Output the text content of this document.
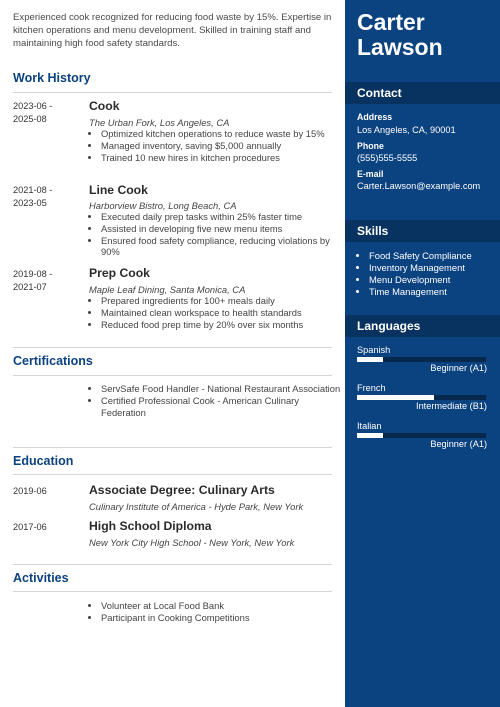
Experienced cook recognized for reducing food waste by 15%. Expertise in kitchen operations and menu development. Skilled in training staff and maintaining high food safety standards.
Work History
2023-06 -
2025-08
Cook
The Urban Fork, Los Angeles, CA
• Optimized kitchen operations to reduce waste by 15%
• Managed inventory, saving $5,000 annually
• Trained 10 new hires in kitchen procedures
2021-08 -
2023-05
Line Cook
Harborview Bistro, Long Beach, CA
• Executed daily prep tasks within 25% faster time
• Assisted in developing five new menu items
• Ensured food safety compliance, reducing violations by 90%
2019-08 -
2021-07
Prep Cook
Maple Leaf Dining, Santa Monica, CA
• Prepared ingredients for 100+ meals daily
• Maintained clean workspace to health standards
• Reduced food prep time by 20% over six months
Certifications
• ServSafe Food Handler - National Restaurant Association
• Certified Professional Cook - American Culinary Federation
Education
2019-06	Associate Degree: Culinary Arts
Culinary Institute of America - Hyde Park, New York
2017-06	High School Diploma
New York City High School - New York, New York
Activities
• Volunteer at Local Food Bank
• Participant in Cooking Competitions
Carter
Lawson
Contact
Address
Los Angeles, CA, 90001
Phone
(555)555-5555
E-mail
Carter.Lawson@example.com
Skills
• Food Safety Compliance
• Inventory Management
• Menu Development
• Time Management
Languages
Spanish
Beginner (A1)
French
Intermediate (B1)
Italian
Beginner (A1)
